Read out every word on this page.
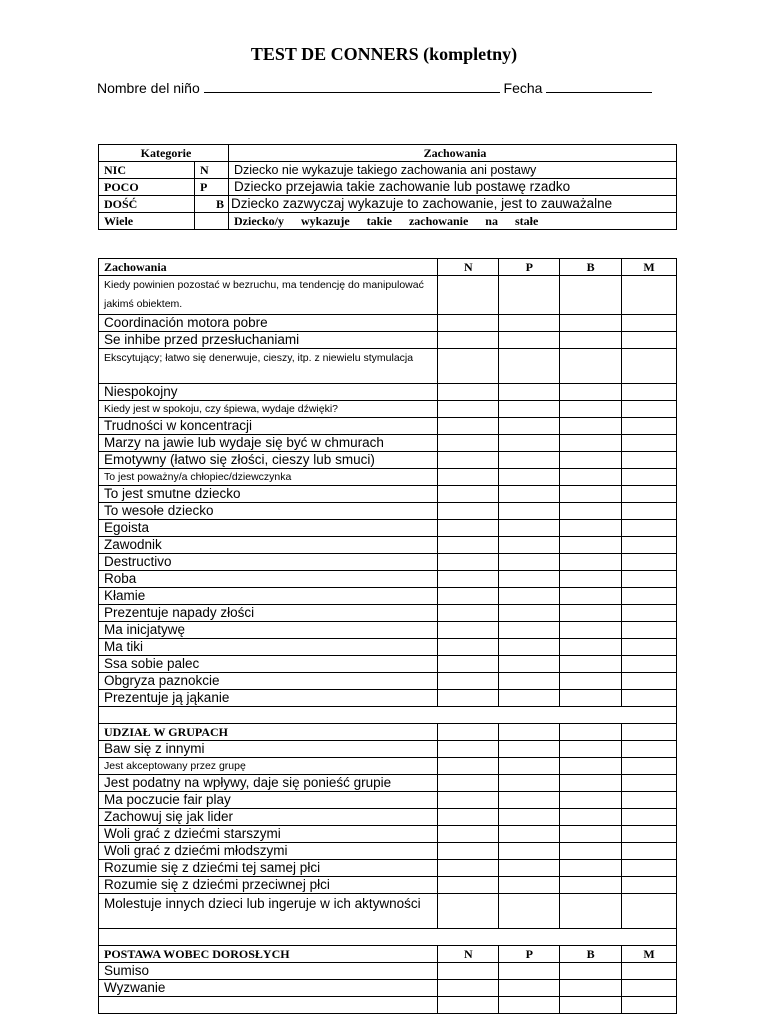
TEST DE CONNERS (kompletny)
Nombre del niño	Fecha
Kategorie		Zachowania
NIC	N	Dziecko nie wykazuje takiego zachowania ani postawy
POCO	P	Dziecko przejawia takie zachowanie lub postawę rzadko
DOŚĆ	B	Dziecko zazwyczaj wykazuje to zachowanie, jest to zauważalne
Wiele		Dziecko/y wykazuje takie zachowanie na stałe
Zachowania	N	P	B	M
Kiedy powinien pozostać w bezruchu, ma tendencję do manipulować jakimś obiektem.				
Coordinación motora pobre				
Se inhibe przed przesłuchaniami				
Ekscytujący; łatwo się denerwuje, cieszy, itp. z niewielu stymulacja				
Niespokojny				
Kiedy jest w spokoju, czy śpiewa, wydaje dźwięki?				
Trudności w koncentracji				
Marzy na jawie lub wydaje się być w chmurach				
Emotywny (łatwo się złości, cieszy lub smuci)				
To jest poważny/a chłopiec/dziewczynka				
To jest smutne dziecko				
To wesołe dziecko				
Egoista				
Zawodnik				
Destructivo				
Roba				
Kłamie				
Prezentuje napady złości				
Ma inicjatywę				
Ma tiki				
Ssa sobie palec				
Obgryza paznokcie				
Prezentuje ją jąkanie				

UDZIAŁ W GRUPACH				
Baw się z innymi				
Jest akceptowany przez grupę				
Jest podatny na wpływy, daje się ponieść grupie				
Ma poczucie fair play				
Zachowuj się jak lider				
Woli grać z dziećmi starszymi				
Woli grać z dziećmi młodszymi				
Rozumie się z dziećmi tej samej płci				
Rozumie się z dziećmi przeciwnej płci				
Molestuje innych dzieci lub ingeruje w ich aktywności				

POSTAWA WOBEC DOROSŁYCH	N	P	B	M
Sumiso				
Wyzwanie				
